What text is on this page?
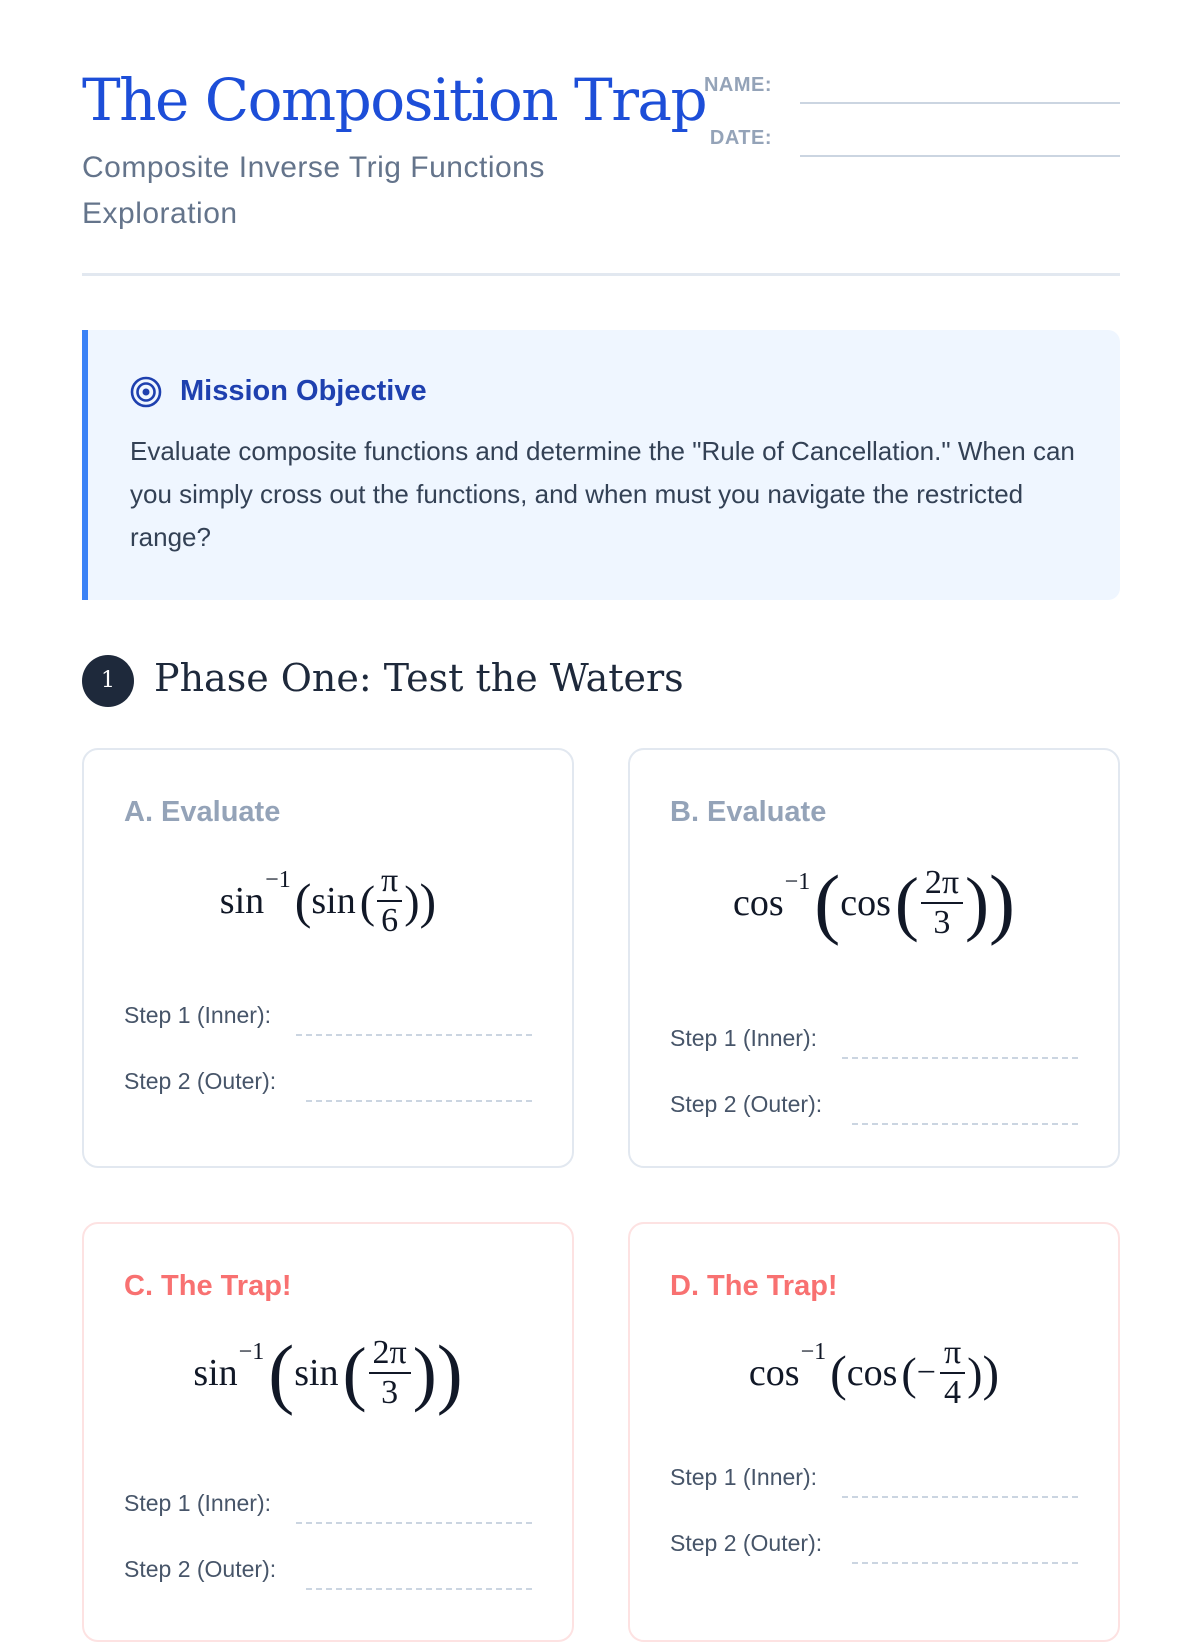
The Composition Trap
Composite Inverse Trig Functions Exploration
NAME:
DATE:
Mission Objective
Evaluate composite functions and determine the "Rule of Cancellation." When can you simply cross out the functions, and when must you navigate the restricted range?
1	Phase One: Test the Waters
A. Evaluate
$\sin^{-1} (\sin$ ( $\frac{\pi}{6}$ ))
Step 1 (Inner):
Step 2 (Outer):
B. Evaluate
$\cos^{-1} (\cos$ ( $\frac{2\pi}{3}$ ))
Step 1 (Inner):
Step 2 (Outer):
C. The Trap!
$\sin^{-1} (\sin$ ( $\frac{2\pi}{3}$ ))
Step 1 (Inner):
Step 2 (Outer):
D. The Trap!
$\cos^{-1} (\cos$ (− $\frac{\pi}{4}$ ))
Step 1 (Inner):
Step 2 (Outer):
